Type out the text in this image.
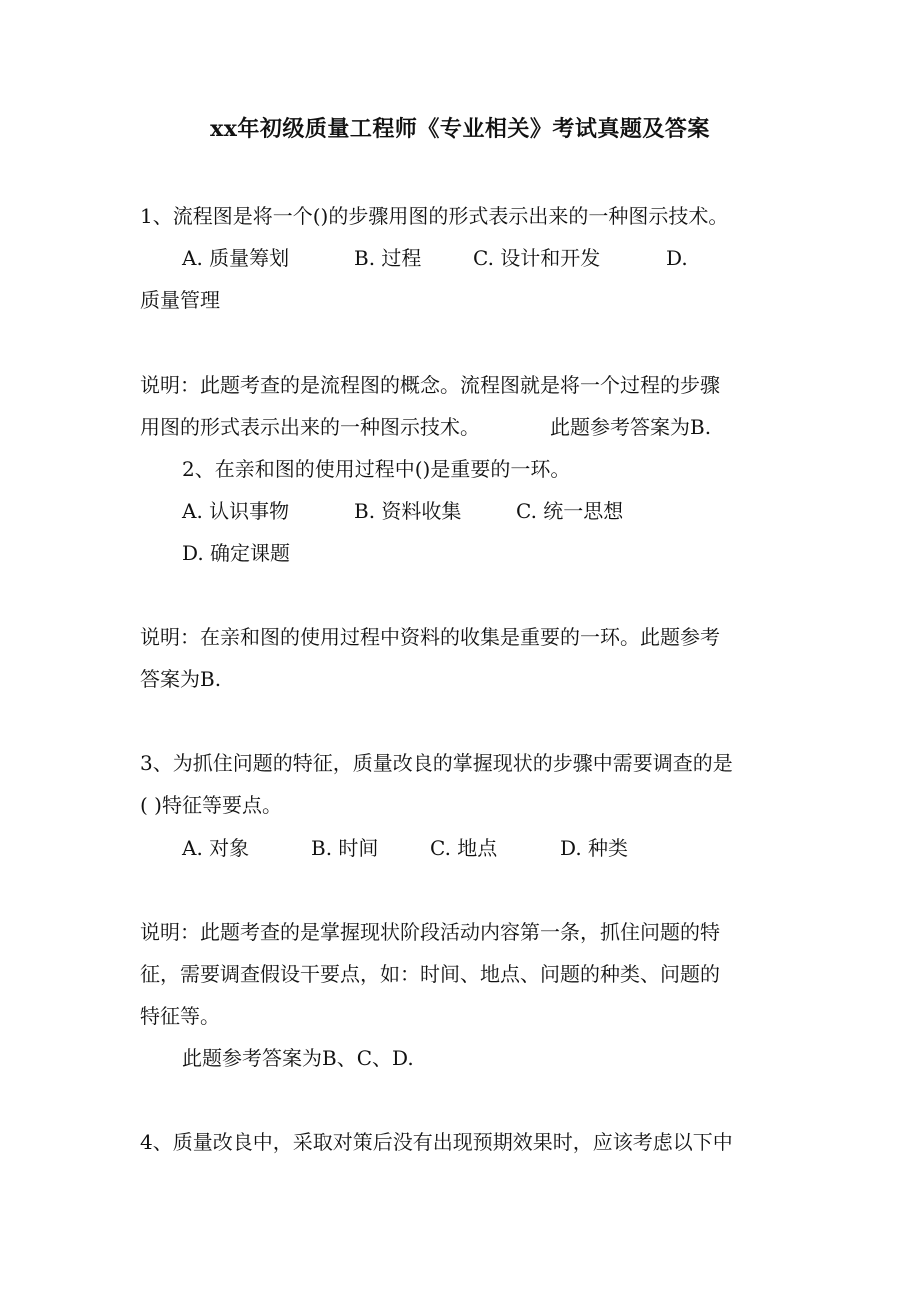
xx年初级质量工程师《专业相关》考试真题及答案
1、流程图是将一个()的步骤用图的形式表示出来的一种图示技术。
A. 质量筹划	B. 过程	C. 设计和开发	D.
质量管理
说明：此题考查的是流程图的概念。流程图就是将一个过程的步骤
用图的形式表示出来的一种图示技术。	此题参考答案为B.
2、在亲和图的使用过程中()是重要的一环。
A. 认识事物	B. 资料收集	C. 统一思想
D. 确定课题
说明：在亲和图的使用过程中资料的收集是重要的一环。此题参考
答案为B.
3、为抓住问题的特征，质量改良的掌握现状的步骤中需要调查的是
( )特征等要点。
A. 对象	B. 时间	C. 地点	D. 种类
说明：此题考查的是掌握现状阶段活动内容第一条，抓住问题的特
征，需要调查假设干要点，如：时间、地点、问题的种类、问题的
特征等。
此题参考答案为B、C、D.
4、质量改良中，采取对策后没有出现预期效果时，应该考虑以下中
